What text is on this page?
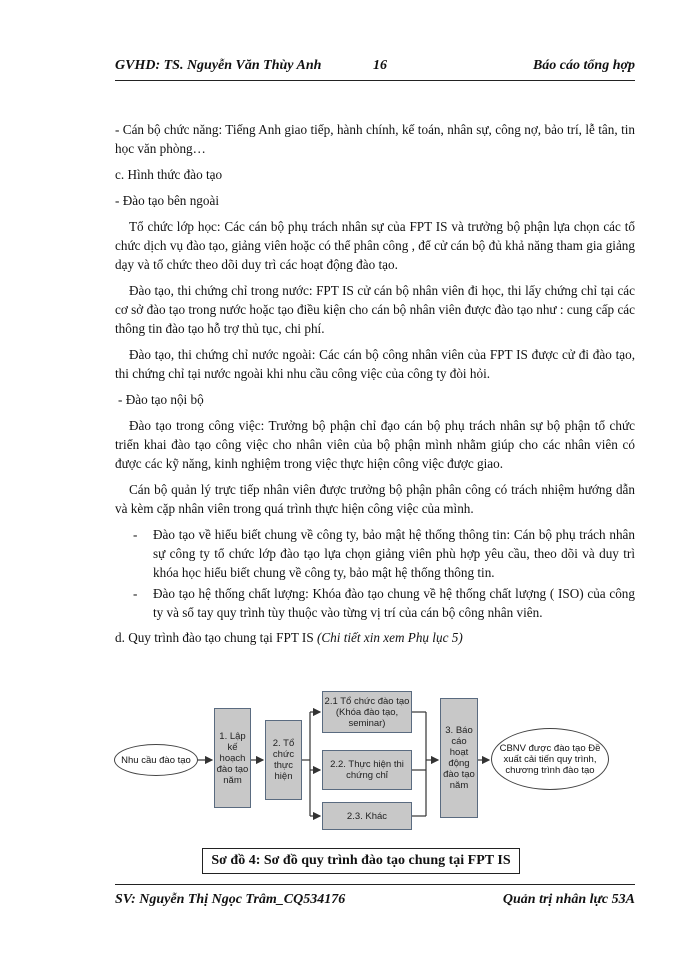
GVHD: TS. Nguyễn Văn Thùy Anh	16	Báo cáo tổng hợp

- Cán bộ chức năng: Tiếng Anh giao tiếp, hành chính, kế toán, nhân sự, công nợ, bảo trí, lễ tân, tin học văn phòng…

c. Hình thức đào tạo

- Đào tạo bên ngoài

Tổ chức lớp học: Các cán bộ phụ trách nhân sự của FPT IS và trưởng bộ phận lựa chọn các tổ chức dịch vụ đào tạo, giảng viên hoặc có thể phân công , để cử cán bộ đủ khả năng tham gia giảng dạy và tổ chức theo dõi duy trì các hoạt động đào tạo.

Đào tạo, thi chứng chỉ trong nước: FPT IS cử cán bộ nhân viên đi học, thi lấy chứng chỉ tại các cơ sở đào tạo trong nước hoặc tạo điều kiện cho cán bộ nhân viên được đào tạo như : cung cấp các thông tin đào tạo hỗ trợ thủ tục, chi phí.

Đào tạo, thi chứng chỉ nước ngoài: Các cán bộ công nhân viên của FPT IS được cử đi đào tạo, thi chứng chỉ tại nước ngoài khi nhu cầu công việc của công ty đòi hỏi.

- Đào tạo nội bộ

Đào tạo trong công việc: Trưởng bộ phận chỉ đạo cán bộ phụ trách nhân sự bộ phận tổ chức triển khai đào tạo công việc cho nhân viên của bộ phận mình nhằm giúp cho các nhân viên có được các kỹ năng, kinh nghiệm trong việc thực hiện công việc được giao.

Cán bộ quản lý trực tiếp nhân viên được trưởng bộ phận phân công có trách nhiệm hướng dẫn và kèm cặp nhân viên trong quá trình thực hiện công việc của mình.

- Đào tạo về hiểu biết chung về công ty, bảo mật hệ thống thông tin: Cán bộ phụ trách nhân sự công ty tổ chức lớp đào tạo lựa chọn giảng viên phù hợp yêu cầu, theo dõi và duy trì khóa học hiểu biết chung về công ty, bảo mật hệ thống thông tin.

- Đào tạo hệ thống chất lượng: Khóa đào tạo chung về hệ thống chất lượng ( ISO) của công ty và sổ tay quy trình tùy thuộc vào từng vị trí của cán bộ công nhân viên.

d. Quy trình đào tạo chung tại FPT IS (Chi tiết xin xem Phụ lục 5)

Nhu cầu đào tạo
1. Lập kế hoạch đào tạo năm
2. Tổ chức thực hiện
2.1 Tổ chức đào tạo (Khóa đào tạo, seminar)
2.2. Thực hiện thi chứng chỉ
2.3. Khác
3. Báo cáo hoạt động đào tạo năm
CBNV được đào tạo Đề xuất cải tiến quy trình, chương trình đào tạo
Sơ đồ 4: Sơ đồ quy trình đào tạo chung tại FPT IS
SV: Nguyễn Thị Ngọc Trâm_CQ534176	Quản trị nhân lực 53A
